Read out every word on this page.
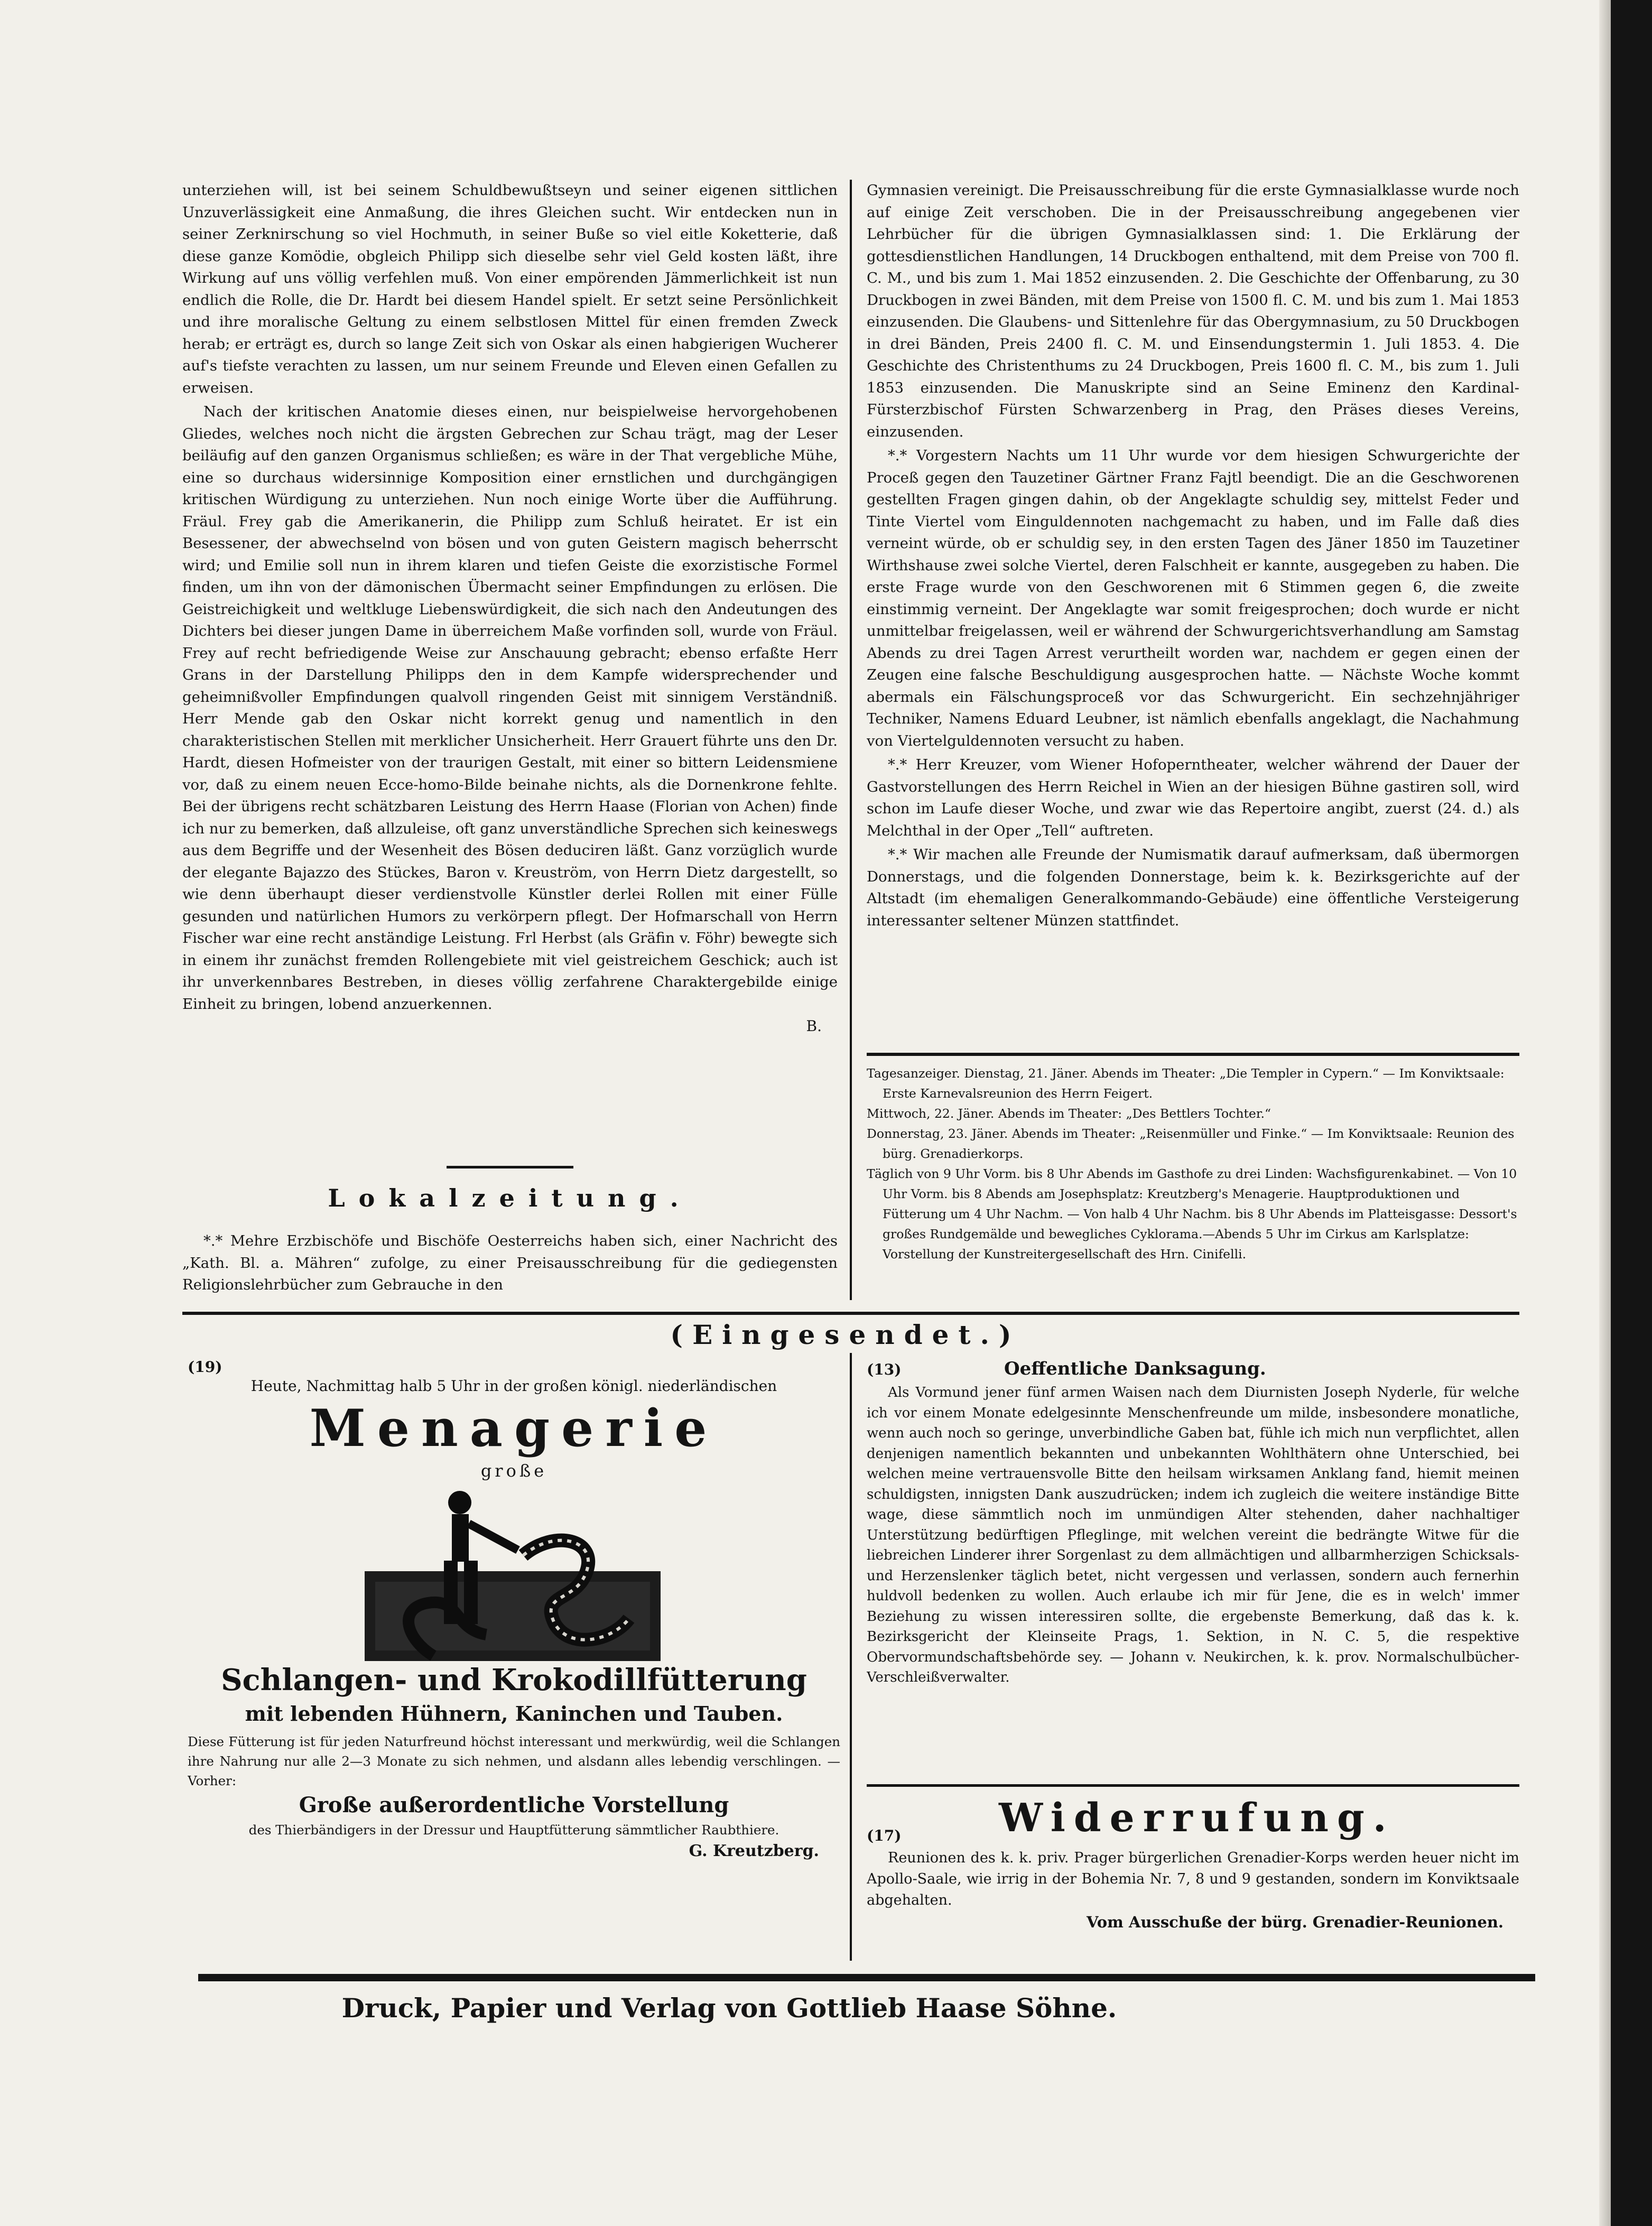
unterziehen will, ist bei seinem Schuldbewußtseyn und seiner eigenen sittlichen Unzuverlässigkeit eine Anmaßung, die ihres Gleichen sucht. Wir entdecken nun in seiner Zerknirschung so viel Hochmuth, in seiner Buße so viel eitle Koketterie, daß diese ganze Komödie, obgleich Philipp sich dieselbe sehr viel Geld kosten läßt, ihre Wirkung auf uns völlig verfehlen muß. Von einer empörenden Jämmerlichkeit ist nun endlich die Rolle, die Dr. Hardt bei diesem Handel spielt. Er setzt seine Persönlichkeit und ihre moralische Geltung zu einem selbstlosen Mittel für einen fremden Zweck herab; er erträgt es, durch so lange Zeit sich von Oskar als einen habgierigen Wucherer auf's tiefste verachten zu lassen, um nur seinem Freunde und Eleven einen Gefallen zu erweisen.

Nach der kritischen Anatomie dieses einen, nur beispielweise hervorgehobenen Gliedes, welches noch nicht die ärgsten Gebrechen zur Schau trägt, mag der Leser beiläufig auf den ganzen Organismus schließen; es wäre in der That vergebliche Mühe, eine so durchaus widersinnige Komposition einer ernstlichen und durchgängigen kritischen Würdigung zu unterziehen. Nun noch einige Worte über die Aufführung. Fräul. Frey gab die Amerikanerin, die Philipp zum Schluß heiratet. Er ist ein Besessener, der abwechselnd von bösen und von guten Geistern magisch beherrscht wird; und Emilie soll nun in ihrem klaren und tiefen Geiste die exorzistische Formel finden, um ihn von der dämonischen Übermacht seiner Empfindungen zu erlösen. Die Geistreichigkeit und weltkluge Liebenswürdigkeit, die sich nach den Andeutungen des Dichters bei dieser jungen Dame in überreichem Maße vorfinden soll, wurde von Fräul. Frey auf recht befriedigende Weise zur Anschauung gebracht; ebenso erfaßte Herr Grans in der Darstellung Philipps den in dem Kampfe widersprechender und geheimnißvoller Empfindungen qualvoll ringenden Geist mit sinnigem Verständniß. Herr Mende gab den Oskar nicht korrekt genug und namentlich in den charakteristischen Stellen mit merklicher Unsicherheit. Herr Grauert führte uns den Dr. Hardt, diesen Hofmeister von der traurigen Gestalt, mit einer so bittern Leidensmiene vor, daß zu einem neuen Ecce-homo-Bilde beinahe nichts, als die Dornenkrone fehlte. Bei der übrigens recht schätzbaren Leistung des Herrn Haase (Florian von Achen) finde ich nur zu bemerken, daß allzuleise, oft ganz unverständliche Sprechen sich keineswegs aus dem Begriffe und der Wesenheit des Bösen deduciren läßt. Ganz vorzüglich wurde der elegante Bajazzo des Stückes, Baron v. Kreuström, von Herrn Dietz dargestellt, so wie denn überhaupt dieser verdienstvolle Künstler derlei Rollen mit einer Fülle gesunden und natürlichen Humors zu verkörpern pflegt. Der Hofmarschall von Herrn Fischer war eine recht anständige Leistung. Frl Herbst (als Gräfin v. Föhr) bewegte sich in einem ihr zunächst fremden Rollengebiete mit viel geistreichem Geschick; auch ist ihr unverkennbares Bestreben, in dieses völlig zerfahrene Charaktergebilde einige Einheit zu bringen, lobend anzuerkennen.

B.
Lokalzeitung.

*.* Mehre Erzbischöfe und Bischöfe Oesterreichs haben sich, einer Nachricht des „Kath. Bl. a. Mähren“ zufolge, zu einer Preisausschreibung für die gediegensten Religionslehrbücher zum Gebrauche in den

Gymnasien vereinigt. Die Preisausschreibung für die erste Gymnasialklasse wurde noch auf einige Zeit verschoben. Die in der Preisausschreibung angegebenen vier Lehrbücher für die übrigen Gymnasialklassen sind: 1. Die Erklärung der gottesdienstlichen Handlungen, 14 Druckbogen enthaltend, mit dem Preise von 700 fl. C. M., und bis zum 1. Mai 1852 einzusenden. 2. Die Geschichte der Offenbarung, zu 30 Druckbogen in zwei Bänden, mit dem Preise von 1500 fl. C. M. und bis zum 1. Mai 1853 einzusenden. Die Glaubens- und Sittenlehre für das Obergymnasium, zu 50 Druckbogen in drei Bänden, Preis 2400 fl. C. M. und Einsendungstermin 1. Juli 1853. 4. Die Geschichte des Christenthums zu 24 Druckbogen, Preis 1600 fl. C. M., bis zum 1. Juli 1853 einzusenden. Die Manuskripte sind an Seine Eminenz den Kardinal-Fürsterzbischof Fürsten Schwarzenberg in Prag, den Präses dieses Vereins, einzusenden.

*.* Vorgestern Nachts um 11 Uhr wurde vor dem hiesigen Schwurgerichte der Proceß gegen den Tauzetiner Gärtner Franz Fajtl beendigt. Die an die Geschworenen gestellten Fragen gingen dahin, ob der Angeklagte schuldig sey, mittelst Feder und Tinte Viertel vom Einguldennoten nachgemacht zu haben, und im Falle daß dies verneint würde, ob er schuldig sey, in den ersten Tagen des Jäner 1850 im Tauzetiner Wirthshause zwei solche Viertel, deren Falschheit er kannte, ausgegeben zu haben. Die erste Frage wurde von den Geschworenen mit 6 Stimmen gegen 6, die zweite einstimmig verneint. Der Angeklagte war somit freigesprochen; doch wurde er nicht unmittelbar freigelassen, weil er während der Schwurgerichtsverhandlung am Samstag Abends zu drei Tagen Arrest verurtheilt worden war, nachdem er gegen einen der Zeugen eine falsche Beschuldigung ausgesprochen hatte. — Nächste Woche kommt abermals ein Fälschungsproceß vor das Schwurgericht. Ein sechzehnjähriger Techniker, Namens Eduard Leubner, ist nämlich ebenfalls angeklagt, die Nachahmung von Viertelguldennoten versucht zu haben.

*.* Herr Kreuzer, vom Wiener Hofoperntheater, welcher während der Dauer der Gastvorstellungen des Herrn Reichel in Wien an der hiesigen Bühne gastiren soll, wird schon im Laufe dieser Woche, und zwar wie das Repertoire angibt, zuerst (24. d.) als Melchthal in der Oper „Tell“ auftreten.

*.* Wir machen alle Freunde der Numismatik darauf aufmerksam, daß übermorgen Donnerstags, und die folgenden Donnerstage, beim k. k. Bezirksgerichte auf der Altstadt (im ehemaligen Generalkommando-Gebäude) eine öffentliche Versteigerung interessanter seltener Münzen stattfindet.

Tagesanzeiger. Dienstag, 21. Jäner. Abends im Theater: „Die Templer in Cypern.“ — Im Konviktsaale: Erste Karnevalsreunion des Herrn Feigert.

Mittwoch, 22. Jäner. Abends im Theater: „Des Bettlers Tochter.“

Donnerstag, 23. Jäner. Abends im Theater: „Reisenmüller und Finke.“ — Im Konviktsaale: Reunion des bürg. Grenadierkorps.

Täglich von 9 Uhr Vorm. bis 8 Uhr Abends im Gasthofe zu drei Linden: Wachsfigurenkabinet. — Von 10 Uhr Vorm. bis 8 Abends am Josephsplatz: Kreutzberg's Menagerie. Hauptproduktionen und Fütterung um 4 Uhr Nachm. — Von halb 4 Uhr Nachm. bis 8 Uhr Abends im Platteisgasse: Dessort's großes Rundgemälde und bewegliches Cyklorama.—Abends 5 Uhr im Cirkus am Karlsplatze: Vorstellung der Kunstreitergesellschaft des Hrn. Cinifelli.

(Eingesendet.)
(19)
Heute, Nachmittag halb 5 Uhr in der großen königl. niederländischen
Menagerie
große
Schlangen- und Krokodillfütterung
mit lebenden Hühnern, Kaninchen und Tauben.
Diese Fütterung ist für jeden Naturfreund höchst interessant und merkwürdig, weil die Schlangen ihre Nahrung nur alle 2—3 Monate zu sich nehmen, und alsdann alles lebendig verschlingen. — Vorher:
Große außerordentliche Vorstellung
des Thierbändigers in der Dressur und Hauptfütterung sämmtlicher Raubthiere.
G. Kreutzberg.
(13)	Oeffentliche Danksagung.

Als Vormund jener fünf armen Waisen nach dem Diurnisten Joseph Nyderle, für welche ich vor einem Monate edelgesinnte Menschenfreunde um milde, insbesondere monatliche, wenn auch noch so geringe, unverbindliche Gaben bat, fühle ich mich nun verpflichtet, allen denjenigen namentlich bekannten und unbekannten Wohlthätern ohne Unterschied, bei welchen meine vertrauensvolle Bitte den heilsam wirksamen Anklang fand, hiemit meinen schuldigsten, innigsten Dank auszudrücken; indem ich zugleich die weitere inständige Bitte wage, diese sämmtlich noch im unmündigen Alter stehenden, daher nachhaltiger Unterstützung bedürftigen Pfleglinge, mit welchen vereint die bedrängte Witwe für die liebreichen Linderer ihrer Sorgenlast zu dem allmächtigen und allbarmherzigen Schicksals- und Herzenslenker täglich betet, nicht vergessen und verlassen, sondern auch fernerhin huldvoll bedenken zu wollen. Auch erlaube ich mir für Jene, die es in welch' immer Beziehung zu wissen interessiren sollte, die ergebenste Bemerkung, daß das k. k. Bezirksgericht der Kleinseite Prags, 1. Sektion, in N. C. 5, die respektive Obervormundschaftsbehörde sey. — Johann v. Neukirchen, k. k. prov. Normalschulbücher-Verschleißverwalter.

(17)	Widerrufung.

Reunionen des k. k. priv. Prager bürgerlichen Grenadier-Korps werden heuer nicht im Apollo-Saale, wie irrig in der Bohemia Nr. 7, 8 und 9 gestanden, sondern im Konviktsaale abgehalten.

Vom Ausschuße der bürg. Grenadier-Reunionen.
Druck, Papier und Verlag von Gottlieb Haase Söhne.
